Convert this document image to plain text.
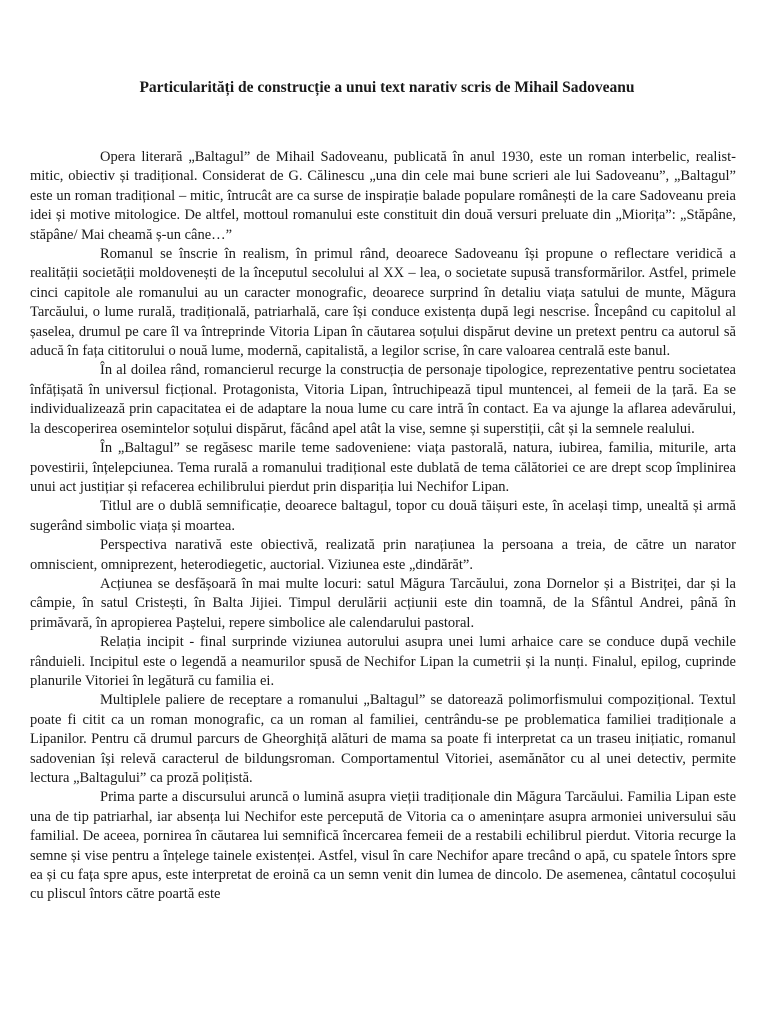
Particularități de construcție a unui text narativ scris de Mihail Sadoveanu

Opera literară „Baltagul” de Mihail Sadoveanu, publicată în anul 1930, este un roman interbelic, realist-mitic, obiectiv și tradițional. Considerat de G. Călinescu „una din cele mai bune scrieri ale lui Sadoveanu”, „Baltagul” este un roman tradițional – mitic, întrucât are ca surse de inspirație balade populare românești de la care Sadoveanu preia idei și motive mitologice. De altfel, mottoul romanului este constituit din două versuri preluate din „Miorița”: „Stăpâne, stăpâne/ Mai cheamă ș-un câne…”

Romanul se înscrie în realism, în primul rând, deoarece Sadoveanu își propune o reflectare veridică a realității societății moldovenești de la începutul secolului al XX – lea, o societate supusă transformărilor. Astfel, primele cinci capitole ale romanului au un caracter monografic, deoarece surprind în detaliu viața satului de munte, Măgura Tarcăului, o lume rurală, tradițională, patriarhală, care își conduce existența după legi nescrise. Începând cu capitolul al șaselea, drumul pe care îl va întreprinde Vitoria Lipan în căutarea soțului dispărut devine un pretext pentru ca autorul să aducă în fața cititorului o nouă lume, modernă, capitalistă, a legilor scrise, în care valoarea centrală este banul.

În al doilea rând, romancierul recurge la construcția de personaje tipologice, reprezentative pentru societatea înfățișată în universul ficțional. Protagonista, Vitoria Lipan, întruchipează tipul muntencei, al femeii de la țară. Ea se individualizează prin capacitatea ei de adaptare la noua lume cu care intră în contact. Ea va ajunge la aflarea adevărului, la descoperirea osemintelor soțului dispărut, făcând apel atât la vise, semne și superstiții, cât și la semnele realului.

În „Baltagul” se regăsesc marile teme sadoveniene: viața pastorală, natura, iubirea, familia, miturile, arta povestirii, înțelepciunea. Tema rurală a romanului tradițional este dublată de tema călătoriei ce are drept scop împlinirea unui act justițiar și refacerea echilibrului pierdut prin dispariția lui Nechifor Lipan.

Titlul are o dublă semnificație, deoarece baltagul, topor cu două tăișuri este, în același timp, unealtă și armă sugerând simbolic viața și moartea.

Perspectiva narativă este obiectivă, realizată prin narațiunea la persoana a treia, de către un narator omniscient, omniprezent, heterodiegetic, auctorial. Viziunea este „dindărăt”.

Acțiunea se desfășoară în mai multe locuri: satul Măgura Tarcăului, zona Dornelor și a Bistriței, dar și la câmpie, în satul Cristești, în Balta Jijiei. Timpul derulării acțiunii este din toamnă, de la Sfântul Andrei, până în primăvară, în apropierea Paștelui, repere simbolice ale calendarului pastoral.

Relația incipit - final surprinde viziunea autorului asupra unei lumi arhaice care se conduce după vechile rânduieli. Incipitul este o legendă a neamurilor spusă de Nechifor Lipan la cumetrii și la nunți. Finalul, epilog, cuprinde planurile Vitoriei în legătură cu familia ei.

Multiplele paliere de receptare a romanului „Baltagul” se datorează polimorfismului compozițional. Textul poate fi citit ca un roman monografic, ca un roman al familiei, centrându-se pe problematica familiei tradiționale a Lipanilor. Pentru că drumul parcurs de Gheorghiță alături de mama sa poate fi interpretat ca un traseu inițiatic, romanul sadovenian își relevă caracterul de bildungsroman. Comportamentul Vitoriei, asemănător cu al unei detectiv, permite lectura „Baltagului” ca proză polițistă.

Prima parte a discursului aruncă o lumină asupra vieții tradiționale din Măgura Tarcăului. Familia Lipan este una de tip patriarhal, iar absența lui Nechifor este percepută de Vitoria ca o amenințare asupra armoniei universului său familial. De aceea, pornirea în căutarea lui semnifică încercarea femeii de a restabili echilibrul pierdut. Vitoria recurge la semne și vise pentru a înțelege tainele existenței. Astfel, visul în care Nechifor apare trecând o apă, cu spatele întors spre ea și cu fața spre apus, este interpretat de eroină ca un semn venit din lumea de dincolo. De asemenea, cântatul cocoșului cu pliscul întors către poartă este
